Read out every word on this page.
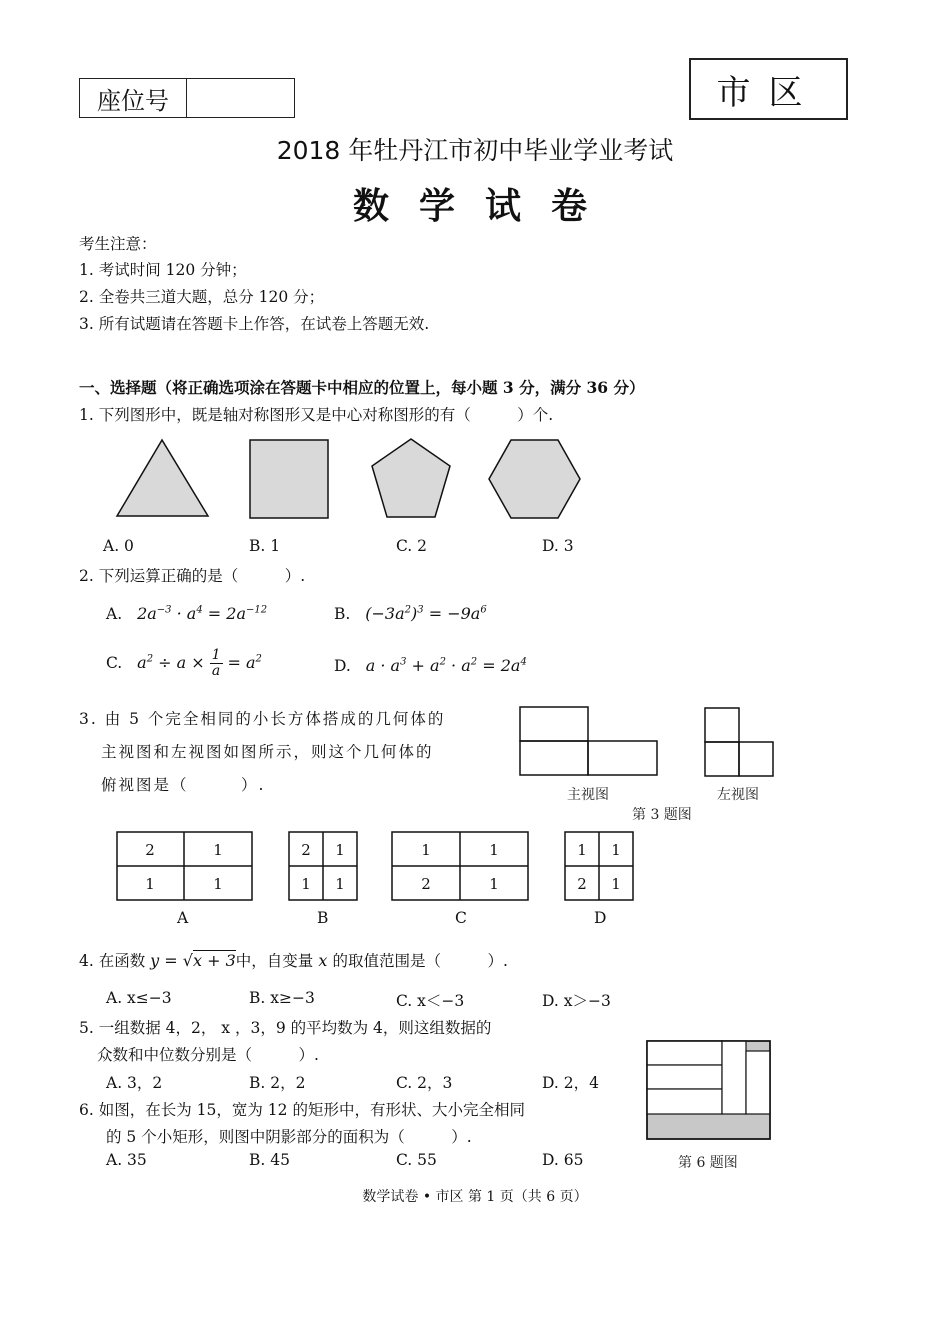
座位号	市区
2018 年牡丹江市初中毕业学业考试
数学试卷
考生注意：
1. 考试时间 120 分钟；
2. 全卷共三道大题，总分 120 分；
3. 所有试题请在答题卡上作答，在试卷上答题无效.
一、选择题（将正确选项涂在答题卡中相应的位置上，每小题 3 分，满分 36 分）
1. 下列图形中，既是轴对称图形又是中心对称图形的有（　　　）个.
A. 0	B. 1	C. 2	D. 3
2. 下列运算正确的是（　　　）.
A. $2a^{-3} \cdot a^4 = 2a^{-12}$	B. $(-3a^2)^3 = -9a^6$
C. $a^2 \div a \times \frac{1}{a} = a^2$	D. $a \cdot a^3 + a^2 \cdot a^2 = 2a^4$
3. 由 5 个完全相同的小长方体搭成的几何体的
主视图和左视图如图所示，则这个几何体的
俯视图是（　　　）.
主视图	左视图
第 3 题图
2	1
1	1
2 1
1 1
1	1
2	1
1 1
2 1
A	B	C	D
4. 在函数 y = √x + 3中，自变量 x 的取值范围是（　　　）.
A. x≤−3	B. x≥−3	C. x＜−3	D. x＞−3
5. 一组数据 4，2， x ，3，9 的平均数为 4，则这组数据的
众数和中位数分别是（　　　）.
A. 3，2	B. 2，2	C. 2，3	D. 2，4
6. 如图，在长为 15，宽为 12 的矩形中，有形状、大小完全相同
的 5 个小矩形，则图中阴影部分的面积为（　　　）.
A. 35	B. 45	C. 55	D. 65	第 6 题图
数学试卷 • 市区 第 1 页（共 6 页）
